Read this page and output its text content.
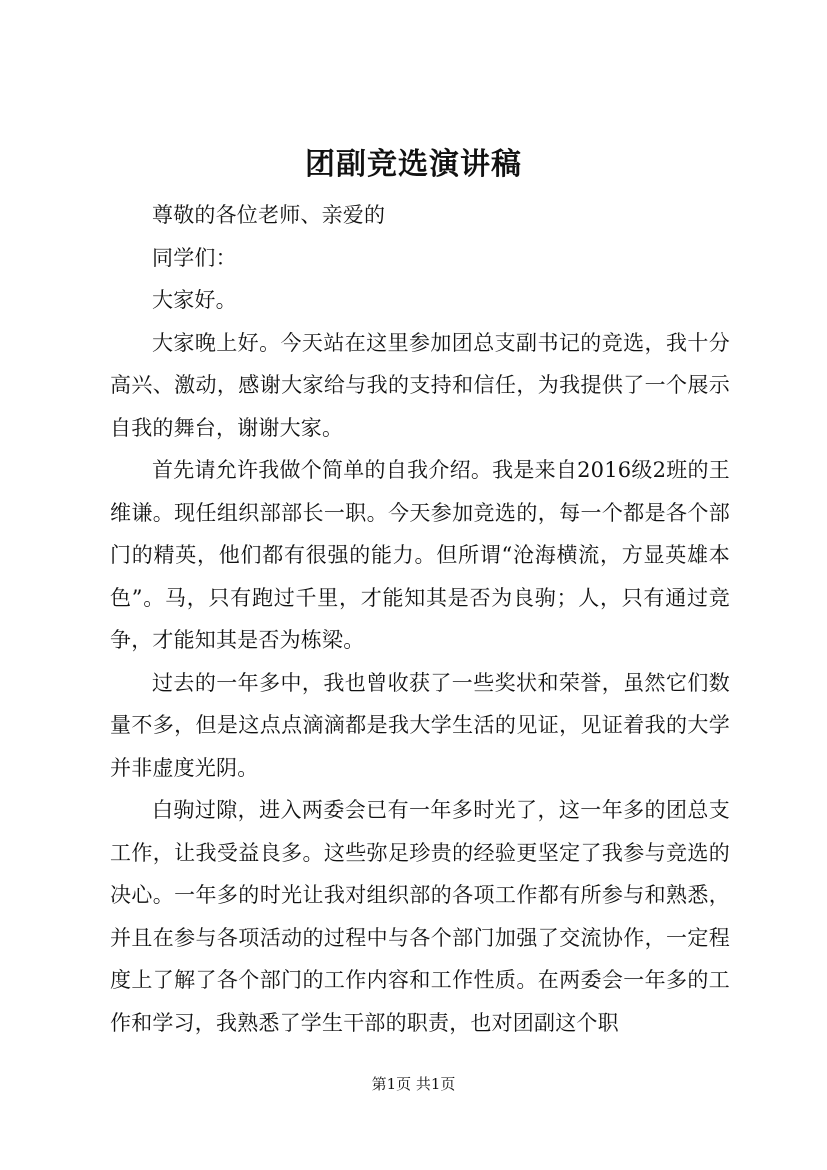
团副竞选演讲稿

尊敬的各位老师、亲爱的

同学们：

大家好。

大家晚上好。今天站在这里参加团总支副书记的竞选，我十分高兴、激动，感谢大家给与我的支持和信任，为我提供了一个展示自我的舞台，谢谢大家。

首先请允许我做个简单的自我介绍。我是来自2016级2班的王维谦。现任组织部部长一职。今天参加竞选的，每一个都是各个部门的精英，他们都有很强的能力。但所谓“沧海横流，方显英雄本色”。马，只有跑过千里，才能知其是否为良驹；人，只有通过竞争，才能知其是否为栋梁。

过去的一年多中，我也曾收获了一些奖状和荣誉，虽然它们数量不多，但是这点点滴滴都是我大学生活的见证，见证着我的大学并非虚度光阴。

白驹过隙，进入两委会已有一年多时光了，这一年多的团总支工作，让我受益良多。这些弥足珍贵的经验更坚定了我参与竞选的决心。一年多的时光让我对组织部的各项工作都有所参与和熟悉，并且在参与各项活动的过程中与各个部门加强了交流协作，一定程度上了解了各个部门的工作内容和工作性质。在两委会一年多的工作和学习，我熟悉了学生干部的职责，也对团副这个职

第1页 共1页
